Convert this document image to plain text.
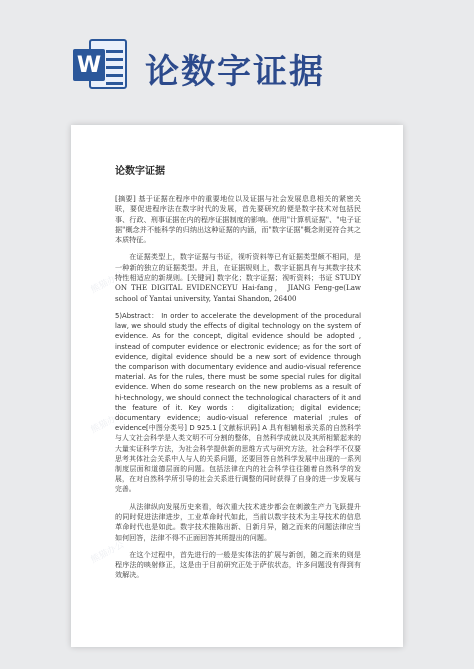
W 论数字证据
熊猫办公
熊猫办公
熊猫办公
论数字证据

[摘要] 基于证据在程序中的重要地位以及证据与社会发展息息相关的紧密关联，要促进程序法在数字时代的发展，首先要研究的便是数字技术对包括民事、行政、刑事证据在内的程序证据制度的影响。使用"计算机证据"、"电子证据"概念并不能科学的归纳出这种证据的内涵，而"数字证据"概念则更符合其之本质特征。

在证据类型上，数字证据与书证，视听资料等已有证据类型颇不相同，是一种新的独立的证据类型。并且，在证据规则上，数字证据具有与其数字技术特性相适应的新规则。[关键词] 数字化；数字证据；视听资料；书证 STUDY ON THE DIGITAL EVIDENCEYU Hai-fang， JIANG Feng-ge(Law school of Yantai university, Yantai Shandon, 26400

5)Abstract： In order to accelerate the development of the procedural law, we should study the effects of digital technology on the system of evidence. As for the concept, digital evidence should be adopted , instead of computer evidence or electronic evidence; as for the sort of evidence, digital evidence should be a new sort of evidence through the comparison with documentary evidence and audio-visual reference material. As for the rules, there must be some special rules for digital evidence. When do some research on the new problems as a result of hi-technology, we should connect the technological characters of it and the feature of it. Key words： digitalization; digital evidence; documentary evidence; audio-visual reference material ;rules of evidence[中图分类号] D 925.1 [文献标识码] A 具有相辅相承关系的自然科学与人文社会科学是人类文明不可分割的整体，自然科学成就以及其所相繁起来的大量实证科学方法，为社会科学提供新的思维方式与研究方法，社会科学不仅要思考其体社会关系中人与人的关系问题，还要回答自然科学发展中出现的一系列制度层面和道德层面的问题。包括法律在内的社会科学往往随着自然科学的发展，在对自然科学所引导的社会关系进行调整的同时获得了自身的进一步发展与完善。

从法律纵向发展历史来看，每次重大技术进步都会在刺激生产力飞跃提升的同时促进法律进步，工业革命时代如此，当前以数字技术为主导技术的信息革命时代也是如此。数字技术推陈出新、日新月异，随之而来的问题法律应当如何回答，法律不得不正面回答其所提出的问题。

在这个过程中，首先进行的一般是实体法的扩展与新创，随之而来的则是程序法的映射修正，这是由于目前研究正处于萨依状态，许多问题没有得到有效解决。
